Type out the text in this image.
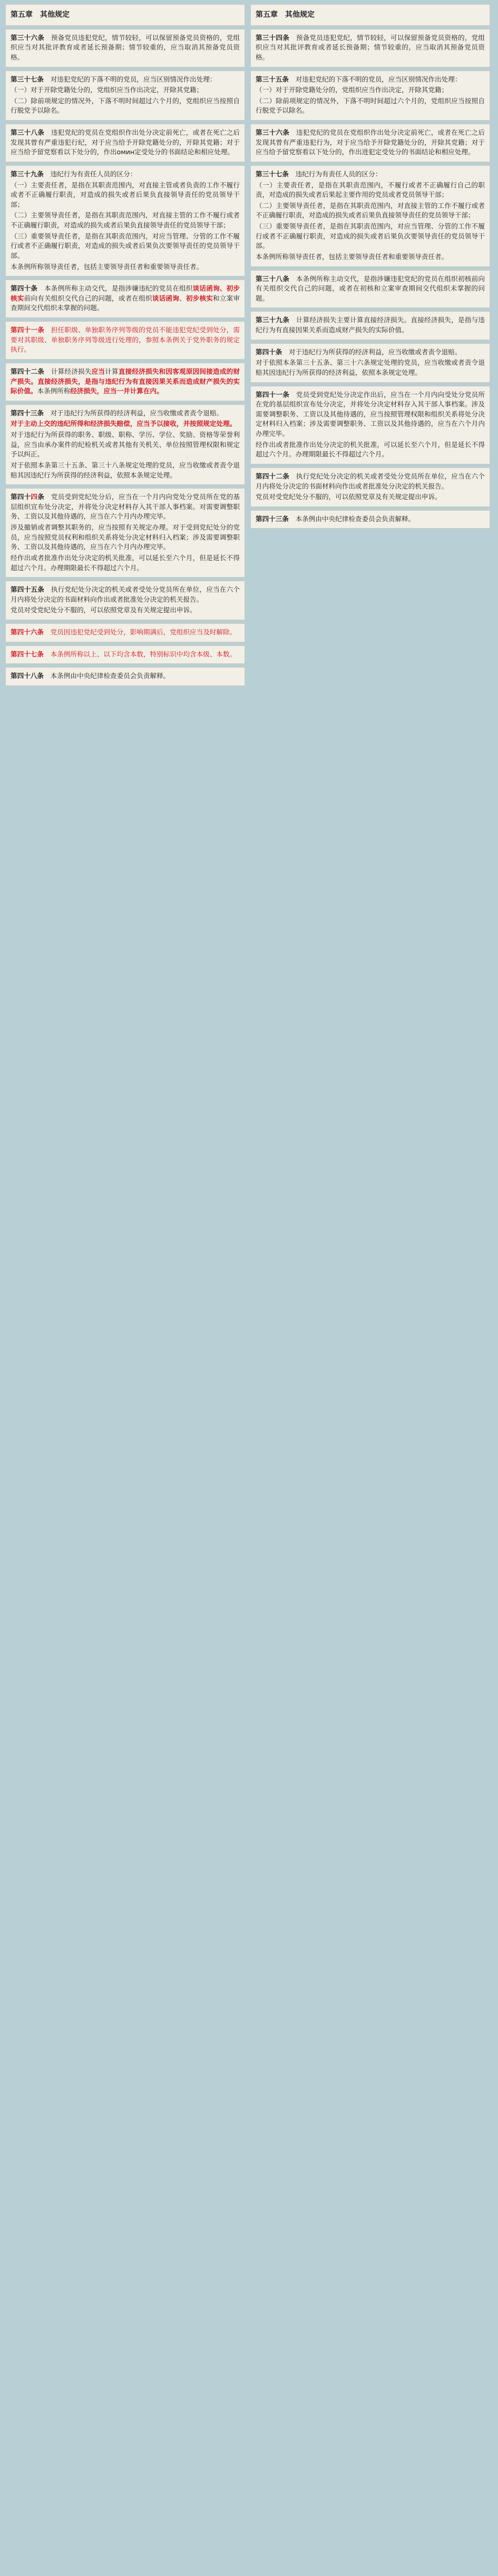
第五章　其他规定

第三十六条　预备党员违犯党纪，情节较轻，可以保留预备党员资格的，党组织应当对其批评教育或者延长预备期；情节较重的，应当取消其预备党员资格。

第三十七条　对违犯党纪的下落不明的党员，应当区别情况作出处理：

（一）对于开除党籍处分的，党组织应当作出决定，开除其党籍；

（二）除前项规定的情况外，下落不明时间超过六个月的，党组织应当按照自行脱党予以除名。

第三十八条　违犯党纪的党员在党组织作出处分决定前死亡，或者在死亡之后发现其曾有严重违犯行纪，对于应当给予开除党籍处分的，开除其党籍；对于应当给予留党察看以下处分的，作出омин定受处分的书面结论和相应处理。

第三十九条　违纪行为有责任人员的区分：

（一）主要责任者，是指在其职责范围内，对直接主管或者负责的工作不履行或者不正确履行职责，对造成的损失或者后果负直接领导责任的党员领导干部；

（二）主要领导责任者，是指在其职责范围内，对直接主管的工作不履行或者不正确履行职责，对造成的损失或者后果负直接领导责任的党员领导干部；

（三）重要领导责任者，是指在其职责范围内，对应当管理、分管的工作不履行或者不正确履行职责，对造成的损失或者后果负次要领导责任的党员领导干部。

本条例所称领导责任者，包括主要领导责任者和重要领导责任者。

第四十条　本条例所称主动交代，是指涉嫌违纪的党员在组织谈话函询、初步核实前向有关组织交代自己的问题，或者在组织谈话函询、初步核实和立案审查期间交代组织未掌握的问题。

第四十一条　担任职级、单独职务序列等级的党员不能违犯党纪受到处分，需要对其职级、单独职务序列等级进行处理的，参照本条例关于党外职务的规定执行。

第四十二条　计算经济损失应当计算直接经济损失和因客观原因间接造成的财产损失。直接经济损失，是指与违纪行为有直接因果关系而造成财产损失的实际价值。本条例所称经济损失，应当一并计算在内。

第四十三条　对于违纪行为所获得的经济利益，应当收缴或者责令退赔。

对于主动上交的违纪所得和经济损失赔偿，应当予以接收，并按照规定处理。

对于违纪行为所获得的职务、职级、职称、学历、学位、奖励、资格等荣誉利益，应当由承办案件的纪检机关或者其他有关机关、单位按照管理权限和规定予以纠正。

对于依照本条第三十五条、第三十八条规定处理的党员，应当收缴或者责令退赔其因违纪行为所获得的经济利益，依照本条规定处理。

第四十四条　党员受到党纪处分后，应当在一个月内向党处分党员所在党的基层组织宣布处分决定，并将处分决定材料存入其干部人事档案。对需要调整职务、工资以及其他待遇的，应当在六个月内办理完毕。

涉及撤销或者调整其职务的，应当按照有关规定办理。对于受到党纪处分的党员，应当按照党员权利和组织关系将处分决定材料归入档案；涉及需要调整职务、工资以及其他待遇的，应当在六个月内办理完毕。

经作出或者批准作出处分决定的机关批准，可以延长至六个月，但是延长不得超过六个月。办理期限最长不得超过六个月。

第四十五条　执行党纪处分决定的机关或者受处分党员所在单位，应当在六个月内将处分决定的书面材料向作出或者批准处分决定的机关报告。

党员对受党纪处分不服的，可以依照党章及有关规定提出申诉。

第四十六条　党员因违犯党纪受到处分，影响期满后，党组织应当及时解除。

第四十七条　本条例所称以上、以下均含本数，特别标识中均含本级、本数。

第四十八条　本条例由中央纪律检查委员会负责解释。

第五章　其他规定

第三十四条　预备党员违犯党纪，情节较轻，可以保留预备党员资格的，党组织应当对其批评教育或者延长预备期；情节较重的，应当取消其预备党员资格。

第三十五条　对违犯党纪的下落不明的党员，应当区别情况作出处理：

（一）对于开除党籍处分的，党组织应当作出决定，开除其党籍；

（二）除前项规定的情况外，下落不明时间超过六个月的，党组织应当按照自行脱党予以除名。

第三十六条　违犯党纪的党员在党组织作出处分决定前死亡，或者在死亡之后发现其曾有严重违犯行为，对于应当给予开除党籍处分的，开除其党籍；对于应当给予留党察看以下处分的，作出进犯定受处分的书面结论和相应处理。

第三十七条　违纪行为有责任人员的区分：

（一）主要责任者，是指在其职责范围内，不履行或者不正确履行自己的职责，对造成的损失或者后果起主要作用的党员或者党员领导干部；

（二）主要领导责任者，是指在其职责范围内，对直接主管的工作不履行或者不正确履行职责，对造成的损失或者后果负直接领导责任的党员领导干部；

（三）重要领导责任者，是指在其职责范围内，对应当管理、分管的工作不履行或者不正确履行职责，对造成的损失或者后果负次要领导责任的党员领导干部。

本条例所称领导责任者，包括主要领导责任者和重要领导责任者。

第三十八条　本条例所称主动交代，是指涉嫌违犯党纪的党员在组织初核前向有关组织交代自己的问题，或者在初核和立案审查期间交代组织未掌握的问题。

第三十九条　计算经济损失主要计算直接经济损失。直接经济损失，是指与违纪行为有直接因果关系而造成财产损失的实际价值。

第四十条　对于违纪行为所获得的经济利益，应当收缴或者责令退赔。

对于依照本条第三十五条、第三十六条规定处理的党员，应当收缴或者责令退赔其因违纪行为所获得的经济利益，依照本条规定处理。

第四十一条　党员受到党纪处分决定作出后，应当在一个月内向受处分党员所在党的基层组织宣布处分决定，并将处分决定材料存入其干部人事档案。涉及需要调整职务、工资以及其他待遇的，应当按照管理权限和组织关系将处分决定材料归入档案；涉及需要调整职务、工资以及其他待遇的，应当在六个月内办理完毕。

经作出或者批准作出处分决定的机关批准，可以延长至六个月，但是延长不得超过六个月。办理期限最长不得超过六个月。

第四十二条　执行党纪处分决定的机关或者受处分党员所在单位，应当在六个月内将处分决定的书面材料向作出或者批准处分决定的机关报告。

党员对受党纪处分不服的，可以依照党章及有关规定提出申诉。

第四十三条　本条例由中央纪律检查委员会负责解释。
